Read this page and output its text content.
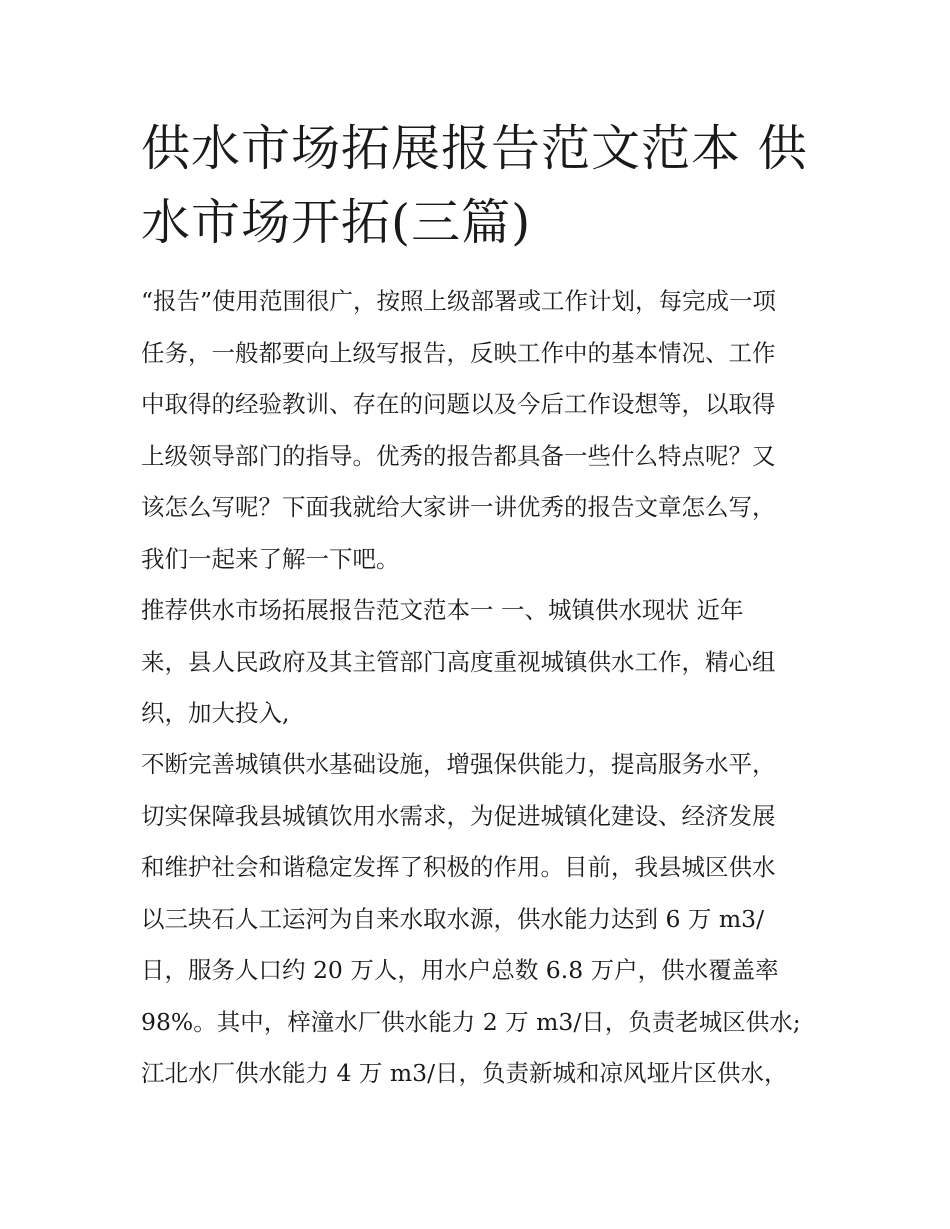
供水市场拓展报告范文范本 供
水市场开拓(三篇)
“报告”使用范围很广，按照上级部署或工作计划，每完成一项
任务，一般都要向上级写报告，反映工作中的基本情况、工作
中取得的经验教训、存在的问题以及今后工作设想等，以取得
上级领导部门的指导。优秀的报告都具备一些什么特点呢？又
该怎么写呢？下面我就给大家讲一讲优秀的报告文章怎么写，
我们一起来了解一下吧。
推荐供水市场拓展报告范文范本一 一、城镇供水现状 近年
来，县人民政府及其主管部门高度重视城镇供水工作，精心组
织，加大投入,
不断完善城镇供水基础设施，增强保供能力，提高服务水平，
切实保障我县城镇饮用水需求，为促进城镇化建设、经济发展
和维护社会和谐稳定发挥了积极的作用。目前，我县城区供水
以三块石人工运河为自来水取水源，供水能力达到 6 万 m3/
日，服务人口约 20 万人，用水户总数 6.8 万户，供水覆盖率
98%。其中，梓潼水厂供水能力 2 万 m3/日，负责老城区供水;
江北水厂供水能力 4 万 m3/日，负责新城和凉风垭片区供水，
